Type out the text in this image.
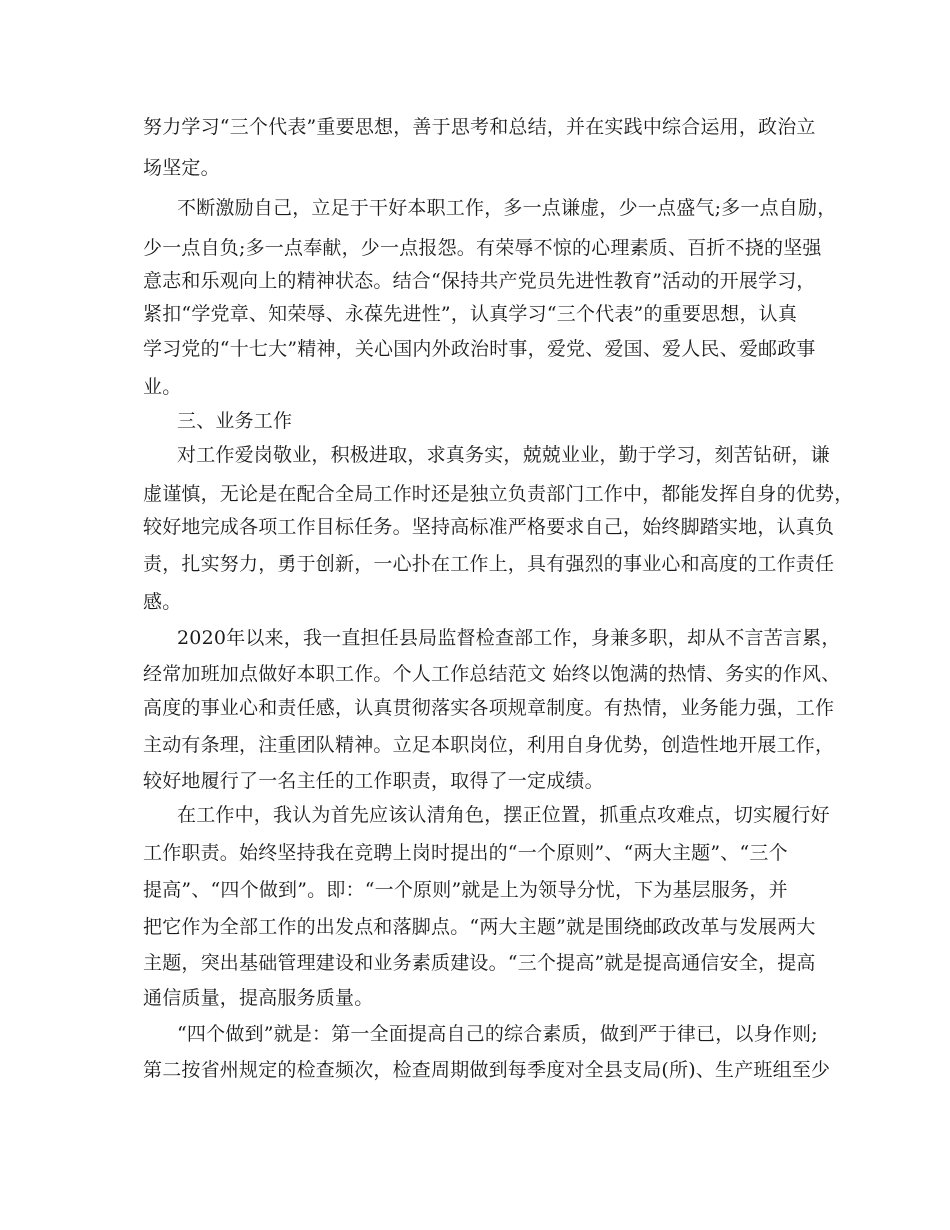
努力学习“三个代表”重要思想，善于思考和总结，并在实践中综合运用，政治立
场坚定。
不断激励自己，立足于干好本职工作，多一点谦虚，少一点盛气;多一点自励，
少一点自负;多一点奉献，少一点报怨。有荣辱不惊的心理素质、百折不挠的坚强
意志和乐观向上的精神状态。结合“保持共产党员先进性教育”活动的开展学习，
紧扣“学党章、知荣辱、永葆先进性”，认真学习“三个代表”的重要思想，认真
学习党的“十七大”精神，关心国内外政治时事，爱党、爱国、爱人民、爱邮政事
业。
三、业务工作
对工作爱岗敬业，积极进取，求真务实，兢兢业业，勤于学习，刻苦钻研，谦
虚谨慎，无论是在配合全局工作时还是独立负责部门工作中，都能发挥自身的优势，
较好地完成各项工作目标任务。坚持高标准严格要求自己，始终脚踏实地，认真负
责，扎实努力，勇于创新，一心扑在工作上，具有强烈的事业心和高度的工作责任
感。
2020年以来，我一直担任县局监督检查部工作，身兼多职，却从不言苦言累，
经常加班加点做好本职工作。个人工作总结范文 始终以饱满的热情、务实的作风、
高度的事业心和责任感，认真贯彻落实各项规章制度。有热情，业务能力强，工作
主动有条理，注重团队精神。立足本职岗位，利用自身优势，创造性地开展工作，
较好地履行了一名主任的工作职责，取得了一定成绩。
在工作中，我认为首先应该认清角色，摆正位置，抓重点攻难点，切实履行好
工作职责。始终坚持我在竞聘上岗时提出的“一个原则”、“两大主题”、“三个
提高”、“四个做到”。即：“一个原则”就是上为领导分忧，下为基层服务，并
把它作为全部工作的出发点和落脚点。“两大主题”就是围绕邮政改革与发展两大
主题，突出基础管理建设和业务素质建设。“三个提高”就是提高通信安全，提高
通信质量，提高服务质量。
“四个做到”就是：第一全面提高自己的综合素质，做到严于律已，以身作则;
第二按省州规定的检查频次，检查周期做到每季度对全县支局(所)、生产班组至少
